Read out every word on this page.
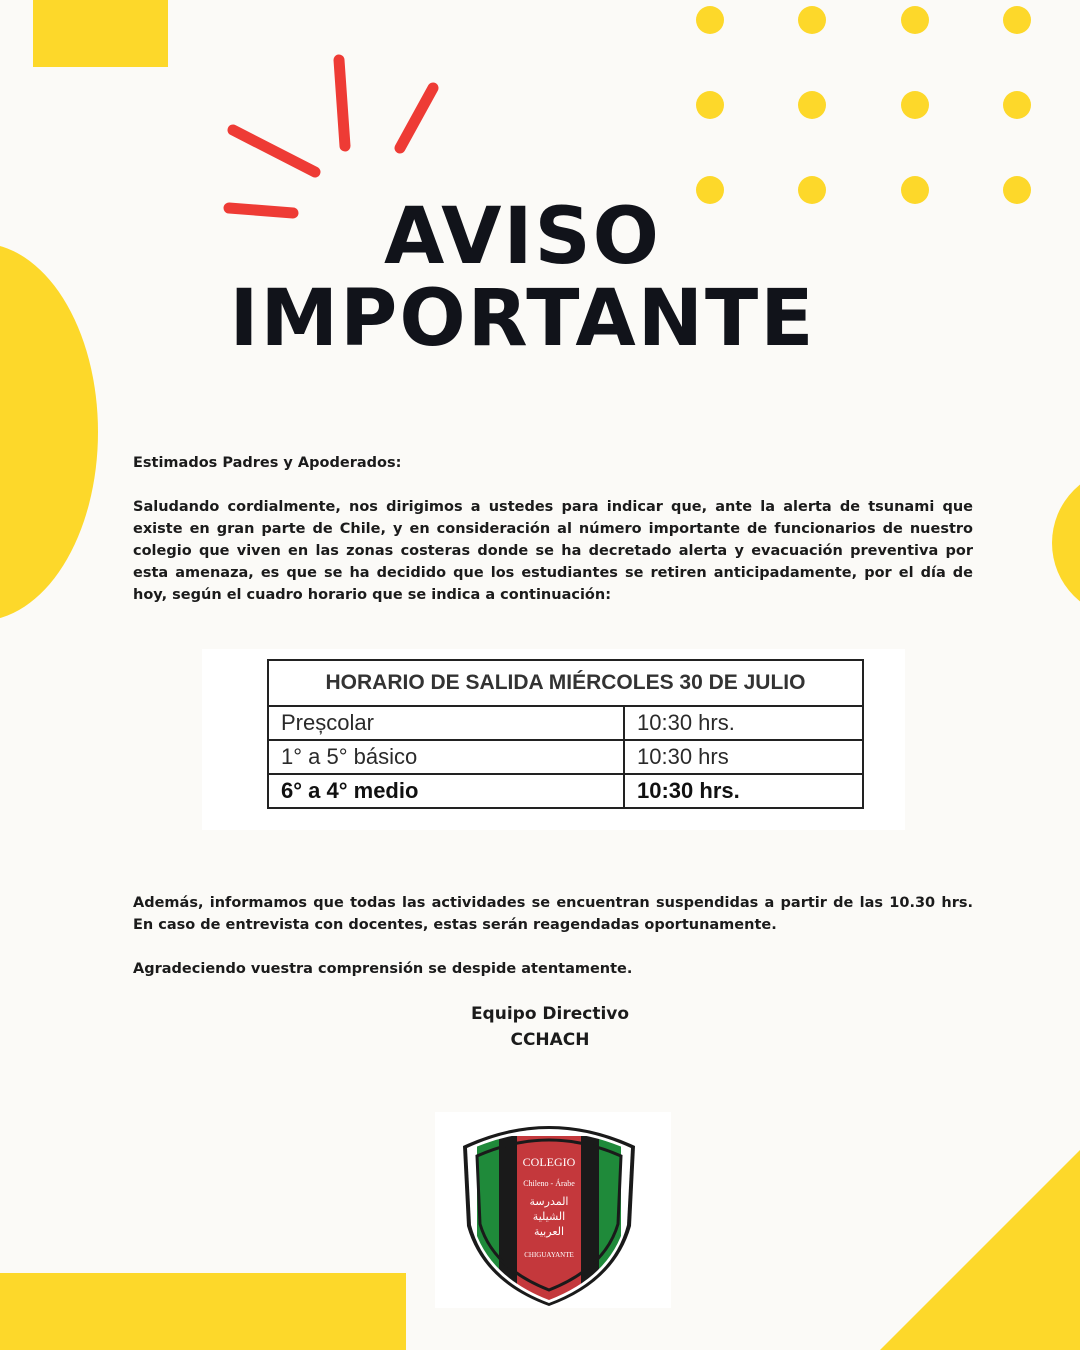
AVISO
IMPORTANTE
Estimados Padres y Apoderados:
Saludando cordialmente, nos dirigimos a ustedes para indicar que, ante la alerta de tsunami que existe en gran parte de Chile, y en consideración al número importante de funcionarios de nuestro colegio que viven en las zonas costeras donde se ha decretado alerta y evacuación preventiva por esta amenaza, es que se ha decidido que los estudiantes se retiren anticipadamente, por el día de hoy, según el cuadro horario que se indica a continuación:
HORARIO DE SALIDA MIÉRCOLES 30 DE JULIO	
Preșcolar	10:30 hrs.
1° a 5° básico	10:30 hrs
6° a 4° medio	10:30 hrs.
Además, informamos que todas las actividades se encuentran suspendidas a partir de las 10.30 hrs. En caso de entrevista con docentes, estas serán reagendadas oportunamente.
Agradeciendo vuestra comprensión se despide atentamente.
Equipo Directivo
CCHACH
COLEGIO
Chileno - Árabe
المدرسة
الشيلية
العربية
CHIGUAYANTE
